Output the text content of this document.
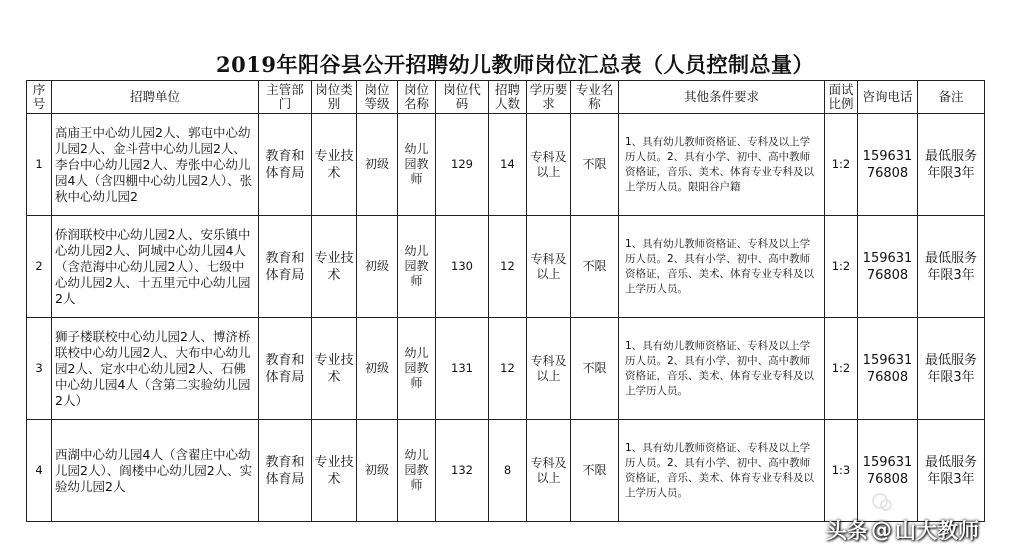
2019年阳谷县公开招聘幼儿教师岗位汇总表（人员控制总量）
序号	招聘单位	主管部门	岗位类别	岗位等级	岗位名称	岗位代码	招聘人数	学历要求	专业名称	其他条件要求	面试比例	咨询电话	备注
1	高庙王中心幼儿园2人、郭屯中心幼儿园2人、金斗营中心幼儿园2人、李台中心幼儿园2人、寿张中心幼儿园4人（含四棚中心幼儿园2人）、张秋中心幼儿园2	教育和体育局	专业技术	初级	幼儿园教师	129	14	专科及以上	不限	1、具有幼儿教师资格证、专科及以上学历人员。2、具有小学、初中、高中教师资格证，音乐、美术、体育专业专科及以上学历人员。限阳谷户籍	1:2	15963176808	最低服务年限3年
2	侨润联校中心幼儿园2人、安乐镇中心幼儿园2人、阿城中心幼儿园4人（含范海中心幼儿园2人）、七级中心幼儿园2人、十五里元中心幼儿园2人	教育和体育局	专业技术	初级	幼儿园教师	130	12	专科及以上	不限	1、具有幼儿教师资格证、专科及以上学历人员。2、具有小学、初中、高中教师资格证，音乐、美术、体育专业专科及以上学历人员。	1:2	15963176808	最低服务年限3年
3	狮子楼联校中心幼儿园2人、博济桥联校中心幼儿园2人、大布中心幼儿园2人、定水中心幼儿园2人、石佛中心幼儿园4人（含第二实验幼儿园2人）	教育和体育局	专业技术	初级	幼儿园教师	131	12	专科及以上	不限	1、具有幼儿教师资格证、专科及以上学历人员。2、具有小学、初中、高中教师资格证，音乐、美术、体育专业专科及以上学历人员。	1:2	15963176808	最低服务年限3年
4	西湖中心幼儿园4人（含翟庄中心幼儿园2人）、阎楼中心幼儿园2人、实验幼儿园2人	教育和体育局	专业技术	初级	幼儿园教师	132	8	专科及以上	不限	1、具有幼儿教师资格证、专科及以上学历人员。2、具有小学、初中、高中教师资格证，音乐、美术、体育专业专科及以上学历人员。	1:3	15963176808	最低服务年限3年
头条 @ 山大教师
